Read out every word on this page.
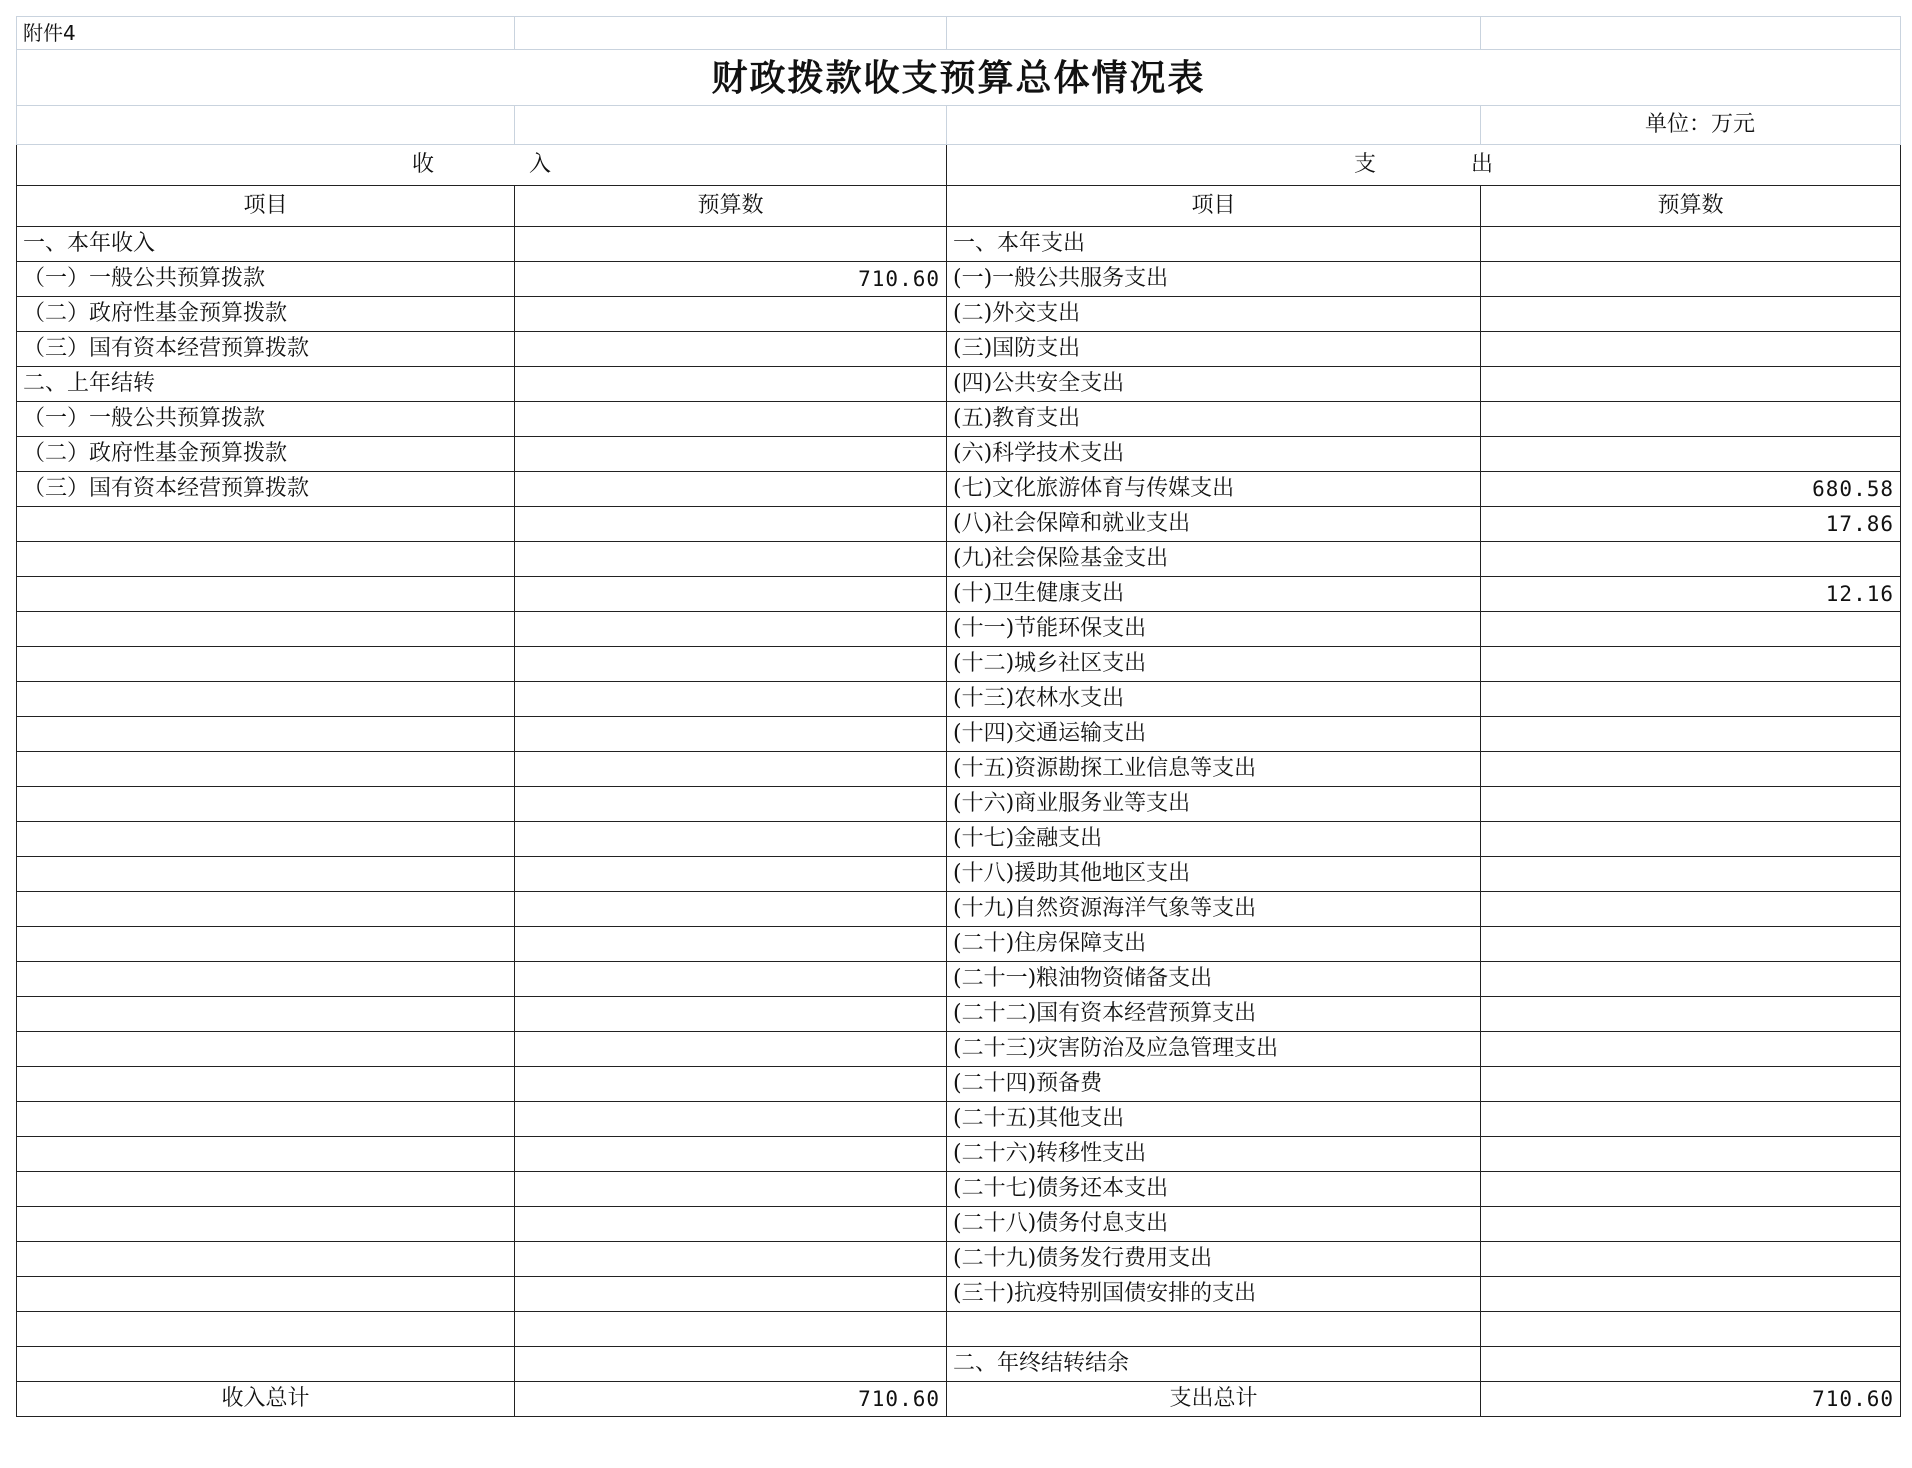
附件4			
财政拨款收支预算总体情况表			
			单位：万元
收 入		支 出	
项目	预算数	项目	预算数
一、本年收入		一、本年支出	
（一）一般公共预算拨款	710.60	(一)一般公共服务支出	
（二）政府性基金预算拨款		(二)外交支出	
（三）国有资本经营预算拨款		(三)国防支出	
二、上年结转		(四)公共安全支出	
（一）一般公共预算拨款		(五)教育支出	
（二）政府性基金预算拨款		(六)科学技术支出	
（三）国有资本经营预算拨款		(七)文化旅游体育与传媒支出	680.58
		(八)社会保障和就业支出	17.86
		(九)社会保险基金支出	
		(十)卫生健康支出	12.16
		(十一)节能环保支出	
		(十二)城乡社区支出	
		(十三)农林水支出	
		(十四)交通运输支出	
		(十五)资源勘探工业信息等支出	
		(十六)商业服务业等支出	
		(十七)金融支出	
		(十八)援助其他地区支出	
		(十九)自然资源海洋气象等支出	
		(二十)住房保障支出	
		(二十一)粮油物资储备支出	
		(二十二)国有资本经营预算支出	
		(二十三)灾害防治及应急管理支出	
		(二十四)预备费	
		(二十五)其他支出	
		(二十六)转移性支出	
		(二十七)债务还本支出	
		(二十八)债务付息支出	
		(二十九)债务发行费用支出	
		(三十)抗疫特别国债安排的支出	

		二、年终结转结余	
收入总计	710.60	支出总计	710.60
